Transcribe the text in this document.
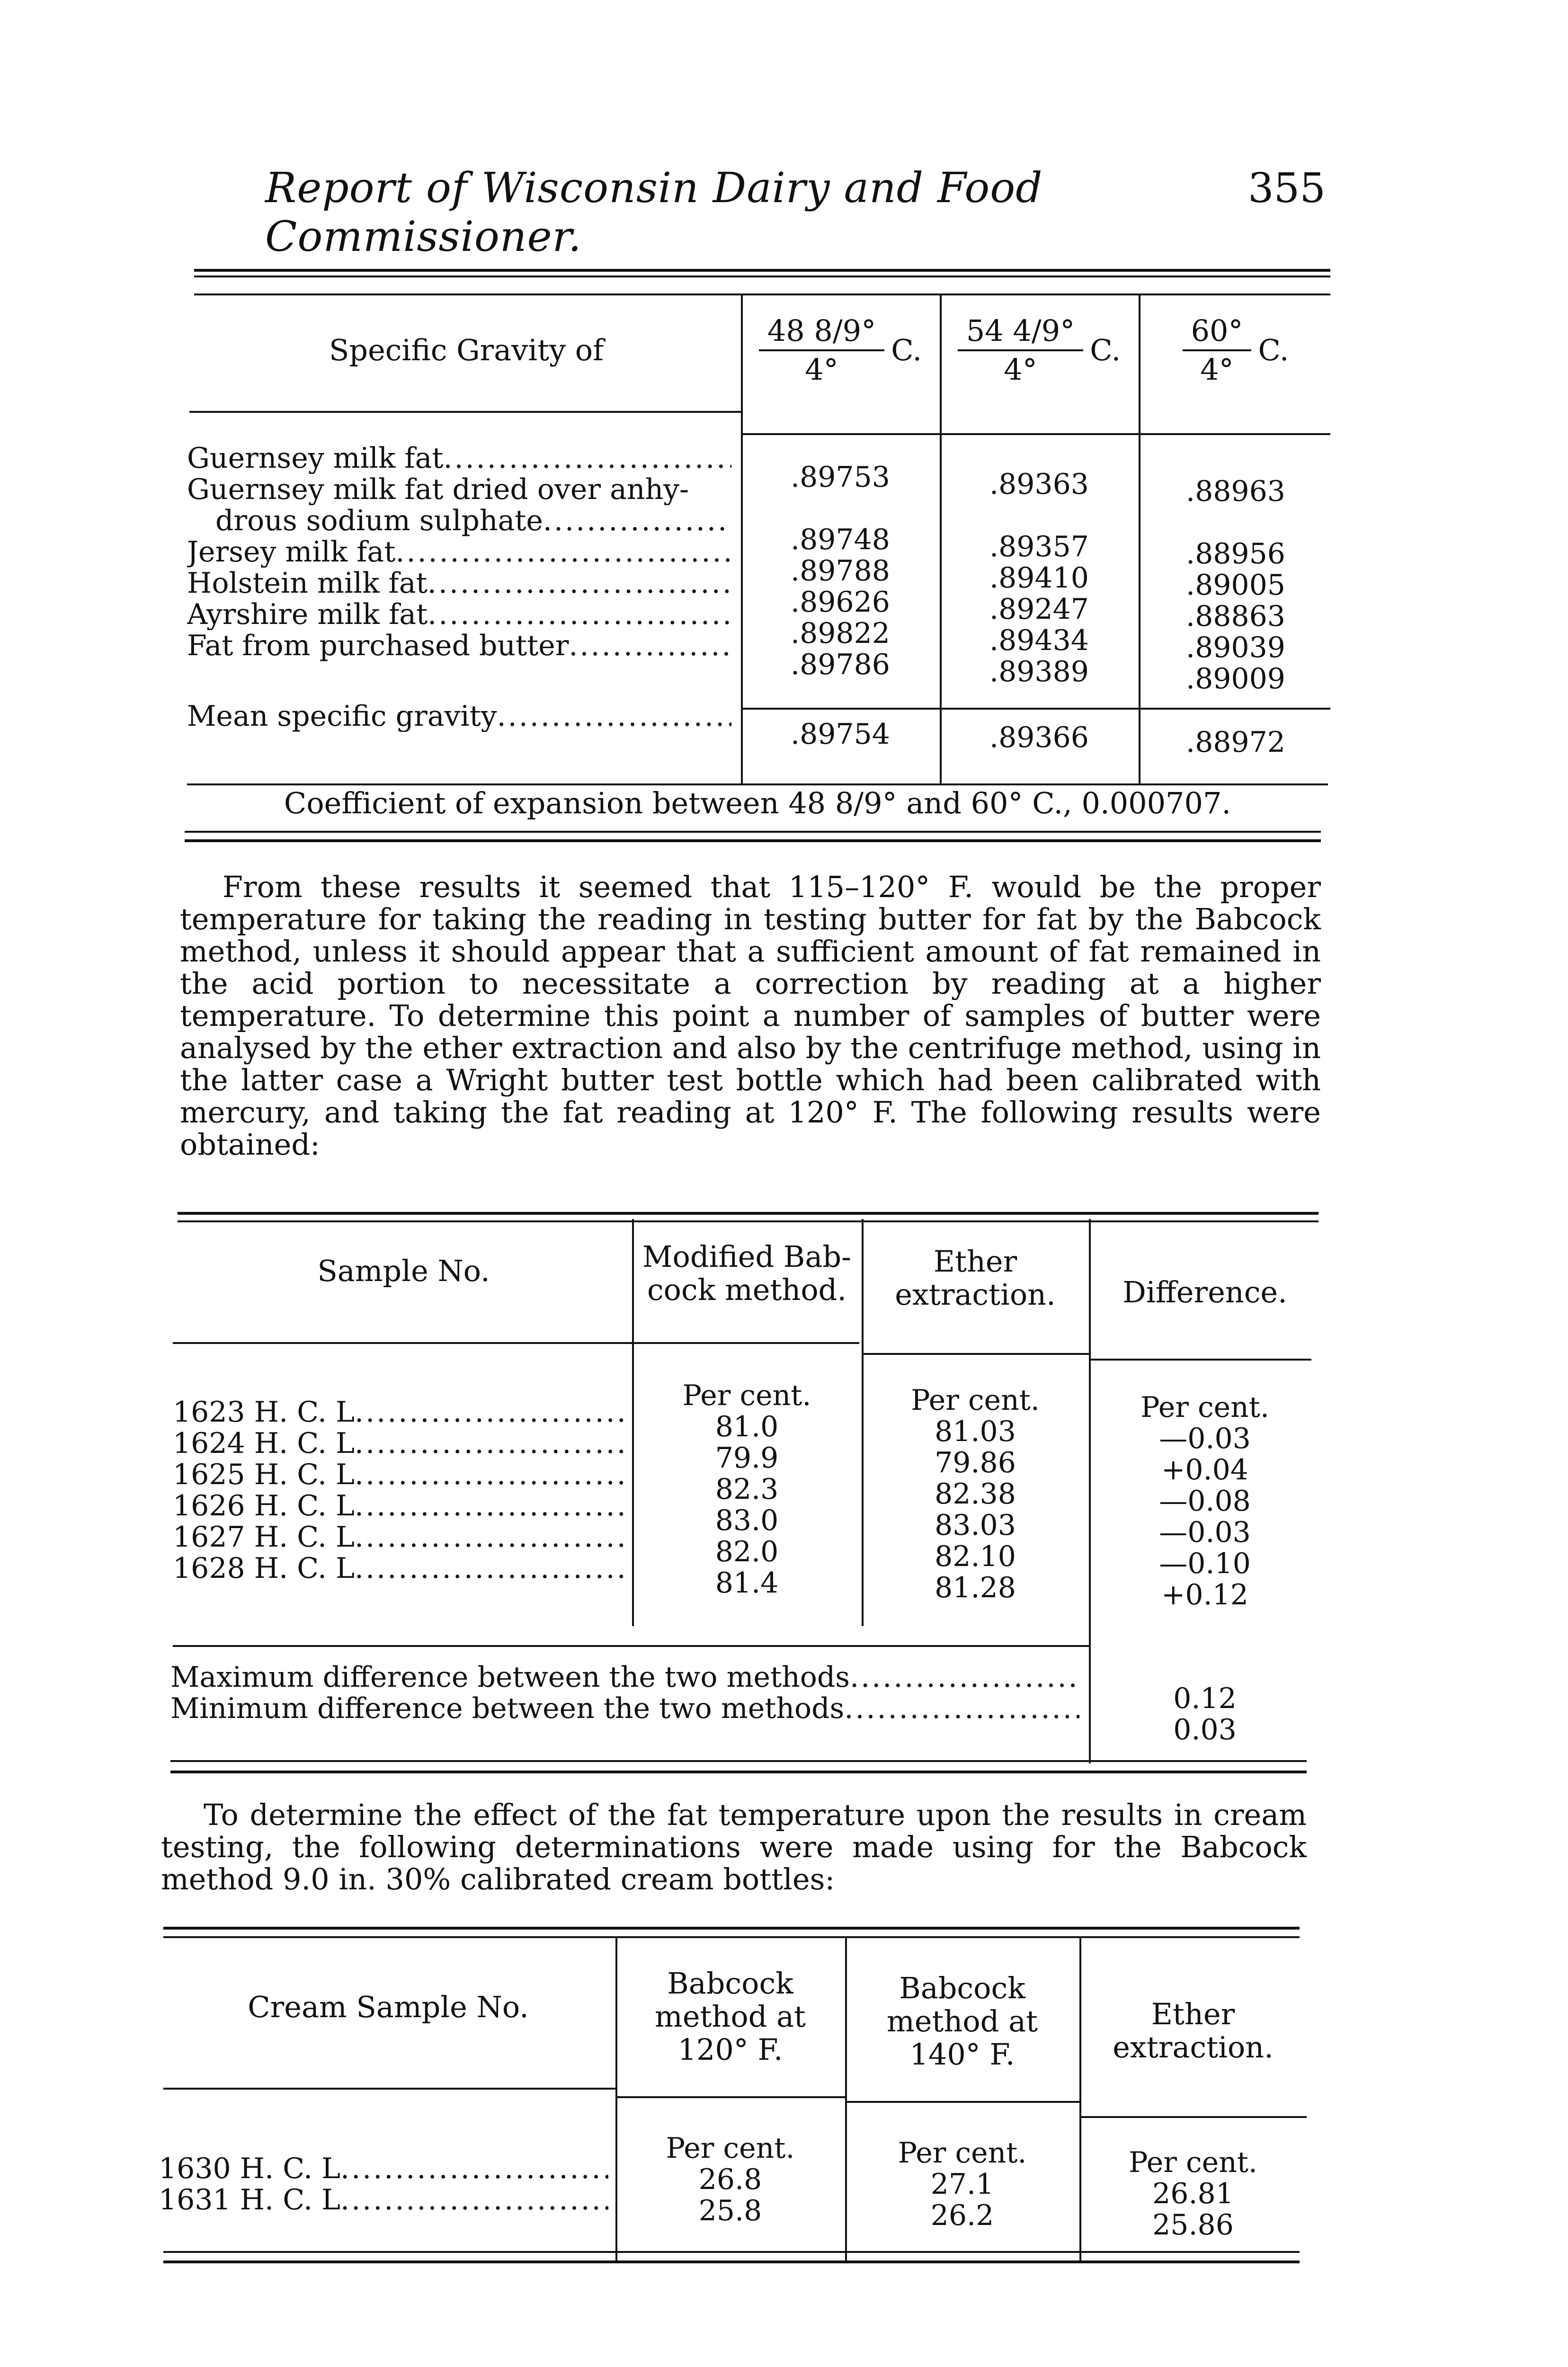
Report of Wisconsin Dairy and Food Commissioner.
355
Specific Gravity of	$\frac{48 8/9^\circ}{4^\circ} C$. $\frac{54 4/9^\circ}{4^\circ} C$. $\frac{60^\circ}{4^\circ} C$.
Guernsey milk fat
.....
Guernsey milk fat dried over anhy-
drous sodium sulphate
.....
Jersey milk fat
.....
Holstein milk fat
.....
Ayrshire milk fat
.....
Fat from purchased butter
.....
.89753
.89748
.89788
.89626
.89822
.89786
.89363
.89357
.89410
.89247
.89434
.89389
.88963
.88956
.89005
.88863
.89039
.89009
Mean specific gravity
.....
.89754	.89366	.88972
Coefficient of expansion between 48 8/9° and 60° C., 0.000707.

From these results it seemed that 115–120° F. would be the proper temperature for taking the reading in testing butter for fat by the Babcock method, unless it should appear that a sufficient amount of fat remained in the acid portion to necessitate a correction by reading at a higher temperature. To determine this point a number of samples of butter were analysed by the ether extraction and also by the centrifuge method, using in the latter case a Wright butter test bottle which had been calibrated with mercury, and taking the fat reading at 120° F. The following results were obtained:

Sample No.	Modified Bab-
cock method.
Ether
extraction. Difference.
1623 H. C. L
.....
1624 H. C. L
.....
1625 H. C. L
.....
1626 H. C. L
.....
1627 H. C. L
.....
1628 H. C. L
.....
Per cent.
81.0
79.9
82.3
83.0
82.0
81.4
Per cent.
81.03
79.86
82.38
83.03
82.10
81.28
Per cent.
—0.03
+0.04
—0.08
—0.03
—0.10
+0.12
Maximum difference between the two methods
.....
Minimum difference between the two methods
.....	0.12
0.03

To determine the effect of the fat temperature upon the results in cream testing, the following determinations were made using for the Babcock method 9.0 in. 30% calibrated cream bottles:

Cream Sample No.
Babcock
method at
120° F.
Babcock
method at
140° F.
Ether
extraction.
1630 H. C. L
.....
1631 H. C. L
.....
Per cent.
26.8
25.8
Per cent.
27.1
26.2
Per cent.
26.81
25.86
